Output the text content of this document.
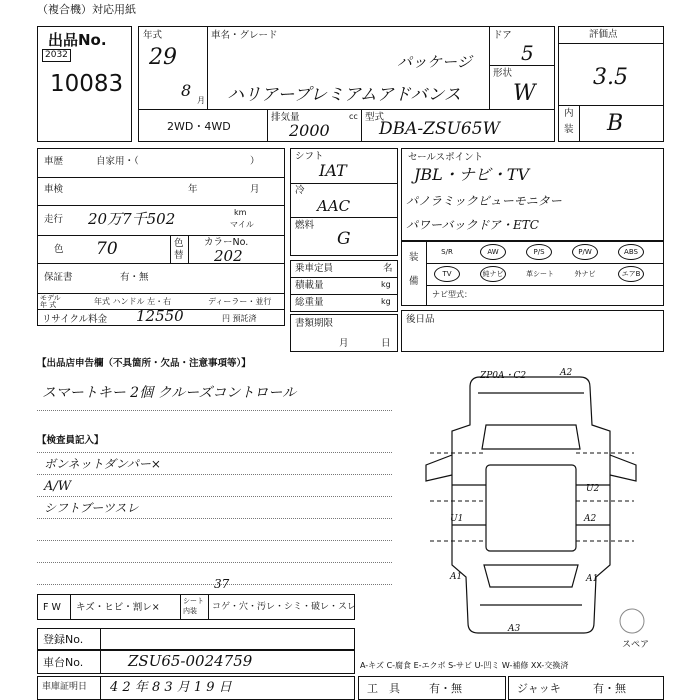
（複合機）対応用紙
出品No.
2032
10083
年式
29
8
月
車名・グレード
パッケージ
ハリアープレミアムアドバンス
ドア
5
形状
W
2WD・4WD
排気量
2000
cc 型式
DBA-ZSU65W
評価点
3.5
内
装 B
車歴	自家用・（	）
車検	年	月
走行 20万7千502	km
マイル
色 70	色
替
カラーNo.
202
保証書	有・無
モデル
年 式	年式 ハンドル 左・右	ディーラー・並行
リサイクル料金 12550	円 預託済
シフト
IAT
冷
AAC
燃料
G
乗車定員	名
積載量	kg
総重量	kg
書類期限
月	日
セールスポイント
JBL・ナビ・TV
パノラミックビューモニター
パワーバックドア・ETC
装
備
S/R	AW	P/S	P/W	ABS
TV	純ナビ	革シート	外ナビ	エアB
ナビ型式：
後日品
【出品店申告欄（不具箇所・欠品・注意事項等）】
スマートキー 2個 クルーズコントロール
【検査員記入】
ボンネットダンパー×
A/W
シフトブーツスレ
ZP0A・C2	A2
U2
U1	A2
A1	A1
A3
スペア
F W キズ・ヒビ・割レ×
シート
内装 コゲ・穴・汚レ・シミ・破レ・スレ
37
登録No.
車台No.	ZSU65-0024759	A-キズ C-腐食 E-エクボ S-サビ U-凹ミ W-補修 XX-交換済
車庫証明日 4 2 年 8 3 月 1 9 日	工　具	有・無	ジャッキ	有・無
